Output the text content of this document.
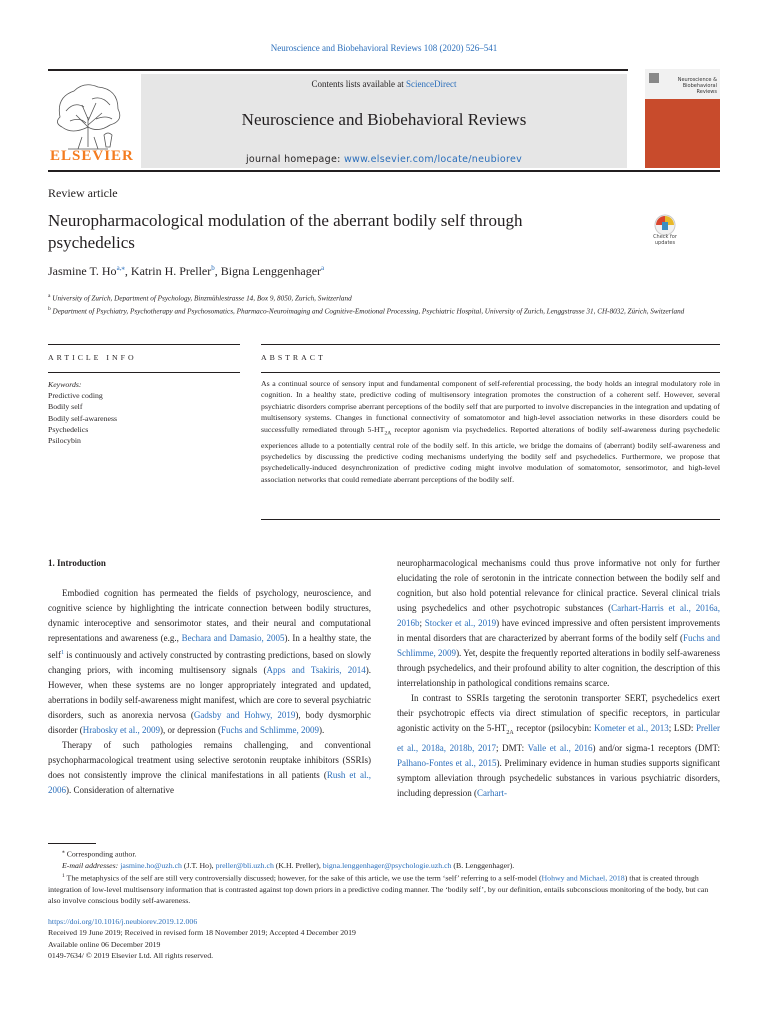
Neuroscience and Biobehavioral Reviews 108 (2020) 526–541
ELSEVIER
Contents lists available at ScienceDirect
Neuroscience and Biobehavioral Reviews
journal homepage: www.elsevier.com/locate/neubiorev
Neuroscience & Biobehavioral Reviews
Review article
Neuropharmacological modulation of the aberrant bodily self through psychedelics	Check for updates
Jasmine T. $Ho^{a,⁎}$, Katrin H. Preller$^b$, Bigna Lenggenhager$^a$
$^a$ University of Zurich, Department of Psychology, Binzmühlestrasse 14, Box 9, 8050, Zurich, Switzerland
$^b$ Department of Psychiatry, Psychotherapy and Psychosomatics, Pharmaco-Neuroimaging and Cognitive-Emotional Processing, Psychiatric Hospital, University of Zurich, Lenggstrasse 31, CH-8032, Zürich, Switzerland
ARTICLE INFO	ABSTRACT
Keywords:
Predictive coding
Bodily self
Bodily self-awareness
Psychedelics
Psilocybin
As a continual source of sensory input and fundamental component of self-referential processing, the body holds an integral modulatory role in cognition. In a healthy state, predictive coding of multisensory integration promotes the construction of a coherent self. However, several psychiatric disorders comprise aberrant perceptions of the bodily self that are purported to involve discrepancies in the integration and updating of multisensory systems. Changes in functional connectivity of somatomotor and high-level association networks in these disorders could be successfully remediated through $5-HT_{2A}$ receptor agonism via psychedelics. Reported alterations of bodily self-awareness during psychedelic experiences allude to a potentially central role of the bodily self. In this article, we bridge the domains of (aberrant) bodily self-awareness and psychedelics by discussing the predictive coding mechanisms underlying the bodily self and psychedelics. Furthermore, we propose that psychedelically-induced desynchronization of predictive coding might involve modulation of somatomotor, sensorimotor, and high-level association networks that could remediate aberrant perceptions of the bodily self.
1. Introduction
Embodied cognition has permeated the fields of psychology, neuroscience, and cognitive science by highlighting the intricate connection between bodily structures, dynamic interoceptive and sensorimotor states, and their neural and computational representations and awareness (e.g., Bechara and Damasio, 2005). In a healthy state, the self$^1$ is continuously and actively constructed by contrasting predictions, based on slowly changing priors, with incoming multisensory signals (Apps and Tsakiris, 2014). However, when these systems are no longer appropriately integrated and updated, aberrations in bodily self-awareness might manifest, which are core to several psychiatric disorders, such as anorexia nervosa (Gadsby and Hohwy, 2019), body dysmorphic disorder (Hrabosky et al., 2009), or depression (Fuchs and Schlimme, 2009).
Therapy of such pathologies remains challenging, and conventional psychopharmacological treatment using selective serotonin reuptake inhibitors (SSRIs) does not consistently improve the clinical manifestations in all patients (Rush et al., 2006). Consideration of alternative
neuropharmacological mechanisms could thus prove informative not only for further elucidating the role of serotonin in the intricate connection between the bodily self and cognition, but also hold potential relevance for clinical practice. Several clinical trials using psychedelics and other psychotropic substances (Carhart-Harris et al., 2016a, 2016b; Stocker et al., 2019) have evinced impressive and often persistent improvements in mental disorders that are characterized by aberrant forms of the bodily self (Fuchs and Schlimme, 2009). Yet, despite the frequently reported alterations in bodily self-awareness through psychedelics, and their profound ability to alter cognition, the description of this interrelationship in pathological conditions remains scarce.
In contrast to SSRIs targeting the serotonin transporter SERT, psychedelics exert their psychotropic effects via direct stimulation of specific receptors, in particular agonistic activity on the $5-HT_{2A}$ receptor (psilocybin: Kometer et al., 2013; LSD: Preller et al., 2018a, 2018b, 2017; DMT: Valle et al., 2016) and/or sigma-1 receptors (DMT: Palhano-Fontes et al., 2015). Preliminary evidence in human studies supports significant symptom alleviation through psychedelic substances in various psychiatric disorders, including depression (Carhart-
⁎ Corresponding author.
E-mail addresses: jasmine.ho@uzh.ch (J.T. Ho), preller@bli.uzh.ch (K.H. Preller), bigna.lenggenhager@psychologie.uzh.ch (B. Lenggenhager).
$^1$ The metaphysics of the self are still very controversially discussed; however, for the sake of this article, we use the term ‘self’ referring to a self-model (Hohwy and Michael, 2018) that is created through integration of low-level multisensory information that is contrasted against top down priors in a predictive coding manner. The ‘bodily self’, by our definition, entails subconscious monitoring of the body, but can also involve conscious bodily self-awareness.
https://doi.org/10.1016/j.neubiorev.2019.12.006
Received 19 June 2019; Received in revised form 18 November 2019; Accepted 4 December 2019
Available online 06 December 2019
0149-7634/ © 2019 Elsevier Ltd. All rights reserved.
